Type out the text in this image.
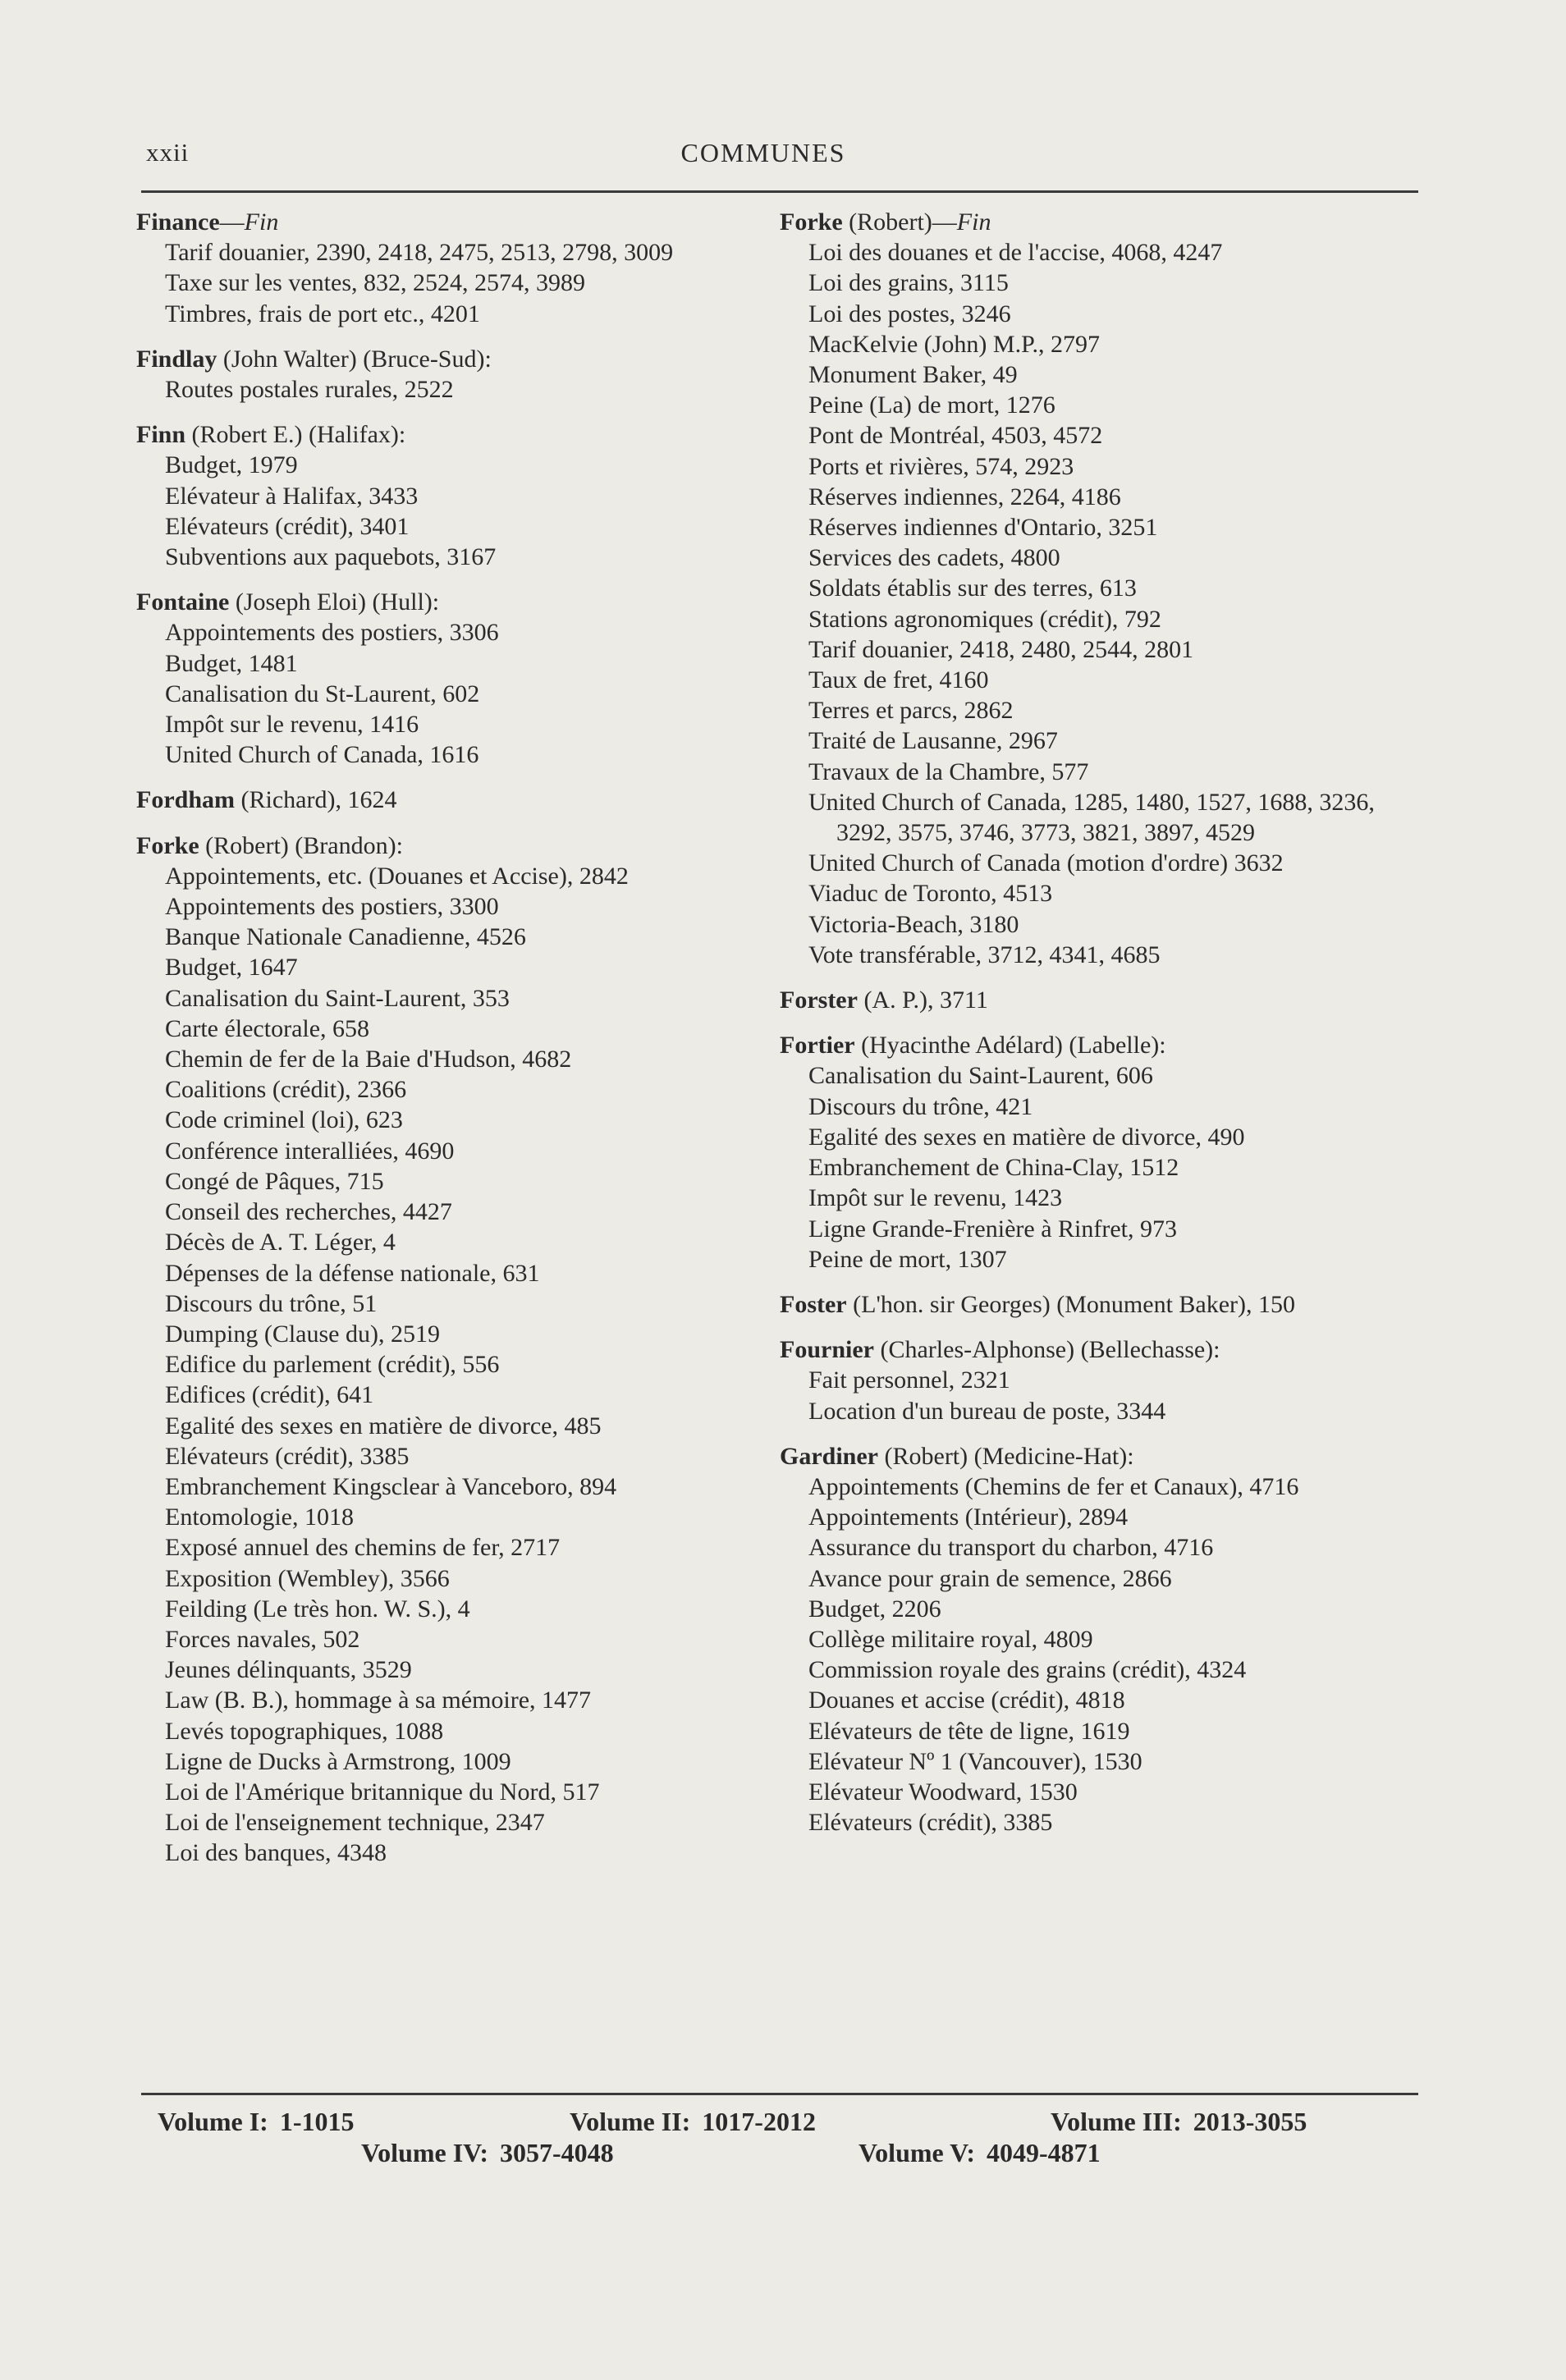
xxii	COMMUNES
Finance—Fin
Tarif douanier, 2390, 2418, 2475, 2513, 2798, 3009
Taxe sur les ventes, 832, 2524, 2574, 3989
Timbres, frais de port etc., 4201
Findlay (John Walter) (Bruce-Sud):
Routes postales rurales, 2522
Finn (Robert E.) (Halifax):
Budget, 1979
Elévateur à Halifax, 3433
Elévateurs (crédit), 3401
Subventions aux paquebots, 3167
Fontaine (Joseph Eloi) (Hull):
Appointements des postiers, 3306
Budget, 1481
Canalisation du St-Laurent, 602
Impôt sur le revenu, 1416
United Church of Canada, 1616
Fordham (Richard), 1624
Forke (Robert) (Brandon):
Appointements, etc. (Douanes et Accise), 2842
Appointements des postiers, 3300
Banque Nationale Canadienne, 4526
Budget, 1647
Canalisation du Saint-Laurent, 353
Carte électorale, 658
Chemin de fer de la Baie d'Hudson, 4682
Coalitions (crédit), 2366
Code criminel (loi), 623
Conférence interalliées, 4690
Congé de Pâques, 715
Conseil des recherches, 4427
Décès de A. T. Léger, 4
Dépenses de la défense nationale, 631
Discours du trône, 51
Dumping (Clause du), 2519
Edifice du parlement (crédit), 556
Edifices (crédit), 641
Egalité des sexes en matière de divorce, 485
Elévateurs (crédit), 3385
Embranchement Kingsclear à Vanceboro, 894
Entomologie, 1018
Exposé annuel des chemins de fer, 2717
Exposition (Wembley), 3566
Feilding (Le très hon. W. S.), 4
Forces navales, 502
Jeunes délinquants, 3529
Law (B. B.), hommage à sa mémoire, 1477
Levés topographiques, 1088
Ligne de Ducks à Armstrong, 1009
Loi de l'Amérique britannique du Nord, 517
Loi de l'enseignement technique, 2347
Loi des banques, 4348
Forke (Robert)—Fin
Loi des douanes et de l'accise, 4068, 4247
Loi des grains, 3115
Loi des postes, 3246
MacKelvie (John) M.P., 2797
Monument Baker, 49
Peine (La) de mort, 1276
Pont de Montréal, 4503, 4572
Ports et rivières, 574, 2923
Réserves indiennes, 2264, 4186
Réserves indiennes d'Ontario, 3251
Services des cadets, 4800
Soldats établis sur des terres, 613
Stations agronomiques (crédit), 792
Tarif douanier, 2418, 2480, 2544, 2801
Taux de fret, 4160
Terres et parcs, 2862
Traité de Lausanne, 2967
Travaux de la Chambre, 577
United Church of Canada, 1285, 1480, 1527, 1688, 3236, 3292, 3575, 3746, 3773, 3821, 3897, 4529
United Church of Canada (motion d'ordre) 3632
Viaduc de Toronto, 4513
Victoria-Beach, 3180
Vote transférable, 3712, 4341, 4685
Forster (A. P.), 3711
Fortier (Hyacinthe Adélard) (Labelle):
Canalisation du Saint-Laurent, 606
Discours du trône, 421
Egalité des sexes en matière de divorce, 490
Embranchement de China-Clay, 1512
Impôt sur le revenu, 1423
Ligne Grande-Frenière à Rinfret, 973
Peine de mort, 1307
Foster (L'hon. sir Georges) (Monument Baker), 150
Fournier (Charles-Alphonse) (Bellechasse):
Fait personnel, 2321
Location d'un bureau de poste, 3344
Gardiner (Robert) (Medicine-Hat):
Appointements (Chemins de fer et Canaux), 4716
Appointements (Intérieur), 2894
Assurance du transport du charbon, 4716
Avance pour grain de semence, 2866
Budget, 2206
Collège militaire royal, 4809
Commission royale des grains (crédit), 4324
Douanes et accise (crédit), 4818
Elévateurs de tête de ligne, 1619
Elévateur Nº 1 (Vancouver), 1530
Elévateur Woodward, 1530
Elévateurs (crédit), 3385
Volume I: 1-1015	Volume II: 1017-2012	Volume III: 2013-3055
Volume IV: 3057-4048	Volume V: 4049-4871
